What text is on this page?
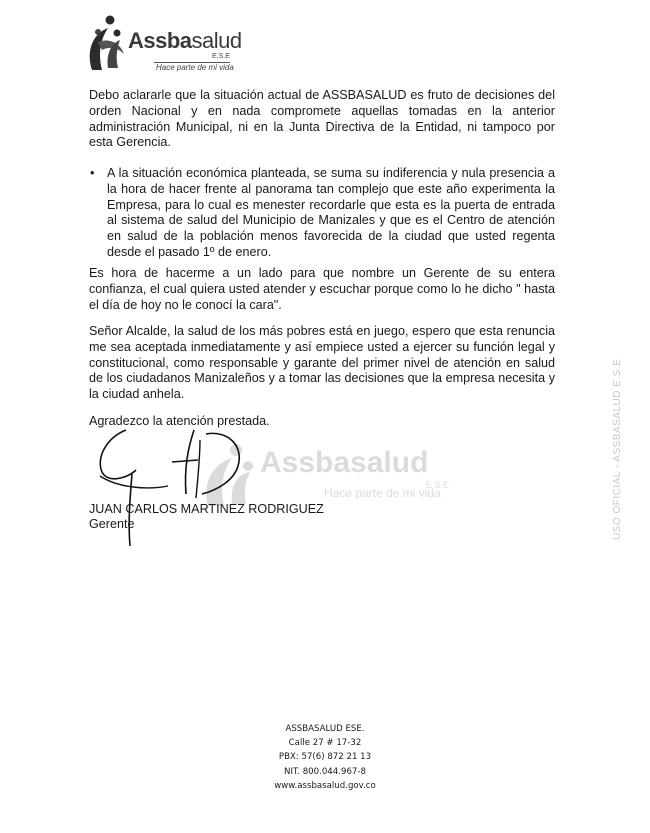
Assbasalud
E.S.E
Hace parte de mi vida

Debo aclararle que la situación actual de ASSBASALUD es fruto de decisiones del orden Nacional y en nada compromete aquellas tomadas en la anterior administración Municipal, ni en la Junta Directiva de la Entidad, ni tampoco por esta Gerencia.

• A la situación económica planteada, se suma su indiferencia y nula presencia a la hora de hacer frente al panorama tan complejo que este año experimenta la Empresa, para lo cual es menester recordarle que esta es la puerta de entrada al sistema de salud del Municipio de Manizales y que es el Centro de atención en salud de la población menos favorecida de la ciudad que usted regenta desde el pasado 1º de enero.

Es hora de hacerme a un lado para que nombre un Gerente de su entera confianza, el cual quiera usted atender y escuchar porque como lo he dicho " hasta el día de hoy no le conocí la cara".

Señor Alcalde, la salud de los más pobres está en juego, espero que esta renuncia me sea aceptada inmediatamente y así empiece usted a ejercer su función legal y constitucional, como responsable y garante del primer nivel de atención en salud de los ciudadanos Manizaleños y a tomar las decisiones que la empresa necesita y la ciudad anhela.

Agradezco la atención prestada.
Assbasalud
E.S.E
Hace parte de mi vida
JUAN CARLOS MARTINEZ RODRIGUEZ
Gerente	USO OFICIAL - ASSBASALUD E.S.E
ASSBASALUD ESE.
Calle 27 # 17-32
PBX: 57(6) 872 21 13
NIT. 800.044.967-8
www.assbasalud.gov.co
